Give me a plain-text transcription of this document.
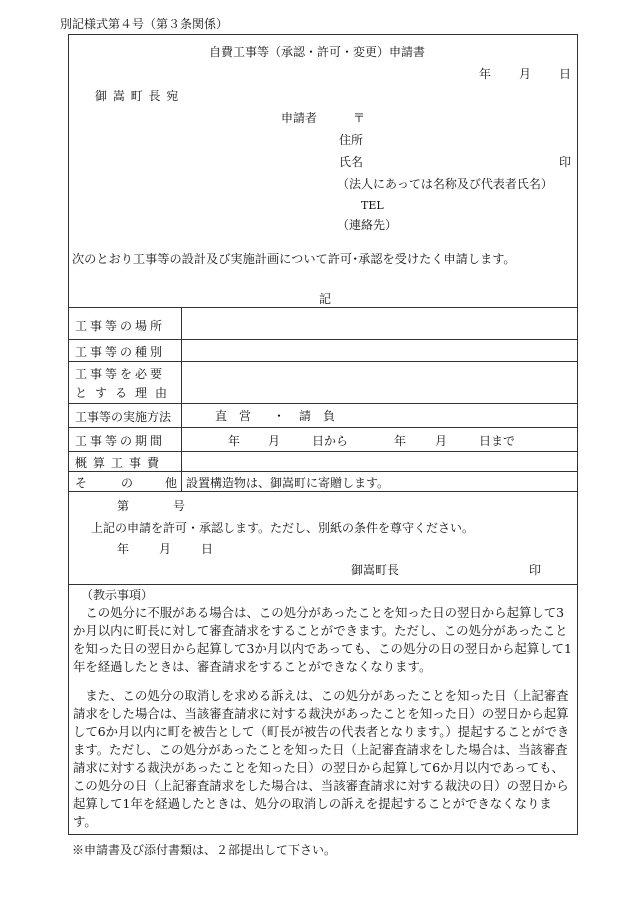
別記様式第４号（第３条関係）
自費工事等（承認・許可・変更）申請書
年 月 日
御 嵩 町 長 宛
申請者	〒
住所
氏名	印
（法人にあっては名称及び代表者氏名）
TEL
（連絡先）
次のとおり工事等の設計及び実施計画について許可･承認を受けたく申請します。
記
工事等の場所
工事等の種別
工事等を必要
とする理由
工事等の実施方法	直　営 ・ 請　負
工事等の期間	年 月	日から	年 月	日まで
概算工事費
そ	の	他 設置構造物は、御嵩町に寄贈します。
第	号
上記の申請を許可・承認します。ただし、別紙の条件を尊守ください。
年 月 日
御嵩町長	印
（教示事項）

この処分に不服がある場合は、この処分があったことを知った日の翌日から起算して3か月以内に町長に対して審査請求をすることができます。ただし、この処分があったことを知った日の翌日から起算して3か月以内であっても、この処分の日の翌日から起算して1年を経過したときは、審査請求をすることができなくなります。

また、この処分の取消しを求める訴えは、この処分があったことを知った日（上記審査請求をした場合は、当該審査請求に対する裁決があったことを知った日）の翌日から起算して6か月以内に町を被告として（町長が被告の代表者となります。）提起することができます。ただし、この処分があったことを知った日（上記審査請求をした場合は、当該審査請求に対する裁決があったことを知った日）の翌日から起算して6か月以内であっても、この処分の日（上記審査請求をした場合は、当該審査請求に対する裁決の日）の翌日から起算して1年を経過したときは、処分の取消しの訴えを提起することができなくなります。

※申請書及び添付書類は、２部提出して下さい。
